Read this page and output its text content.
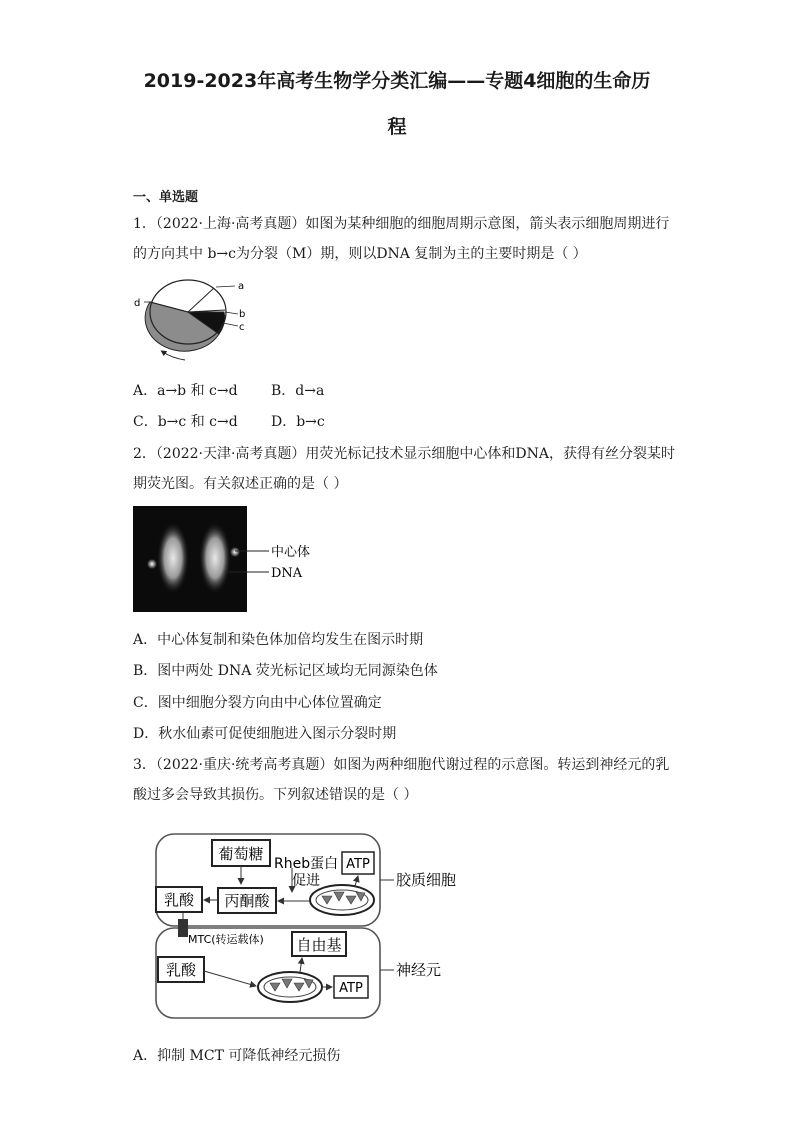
2019-2023年高考生物学分类汇编——专题4细胞的生命历
程
一、单选题
1．（2022·上海·高考真题）如图为某种细胞的细胞周期示意图，箭头表示细胞周期进行
的方向其中 b→c为分裂（M）期，则以DNA 复制为主的主要时期是（ ）
d
a
b
c
A．a→b 和 c→d B．d→a
C．b→c 和 c→d D．b→c
2．（2022·天津·高考真题）用荧光标记技术显示细胞中心体和DNA，获得有丝分裂某时
期荧光图。有关叙述正确的是（ ）
中心体
DNA
A．中心体复制和染色体加倍均发生在图示时期
B．图中两处 DNA 荧光标记区域均无同源染色体
C．图中细胞分裂方向由中心体位置确定
D．秋水仙素可促使细胞进入图示分裂时期
3．（2022·重庆·统考高考真题）如图为两种细胞代谢过程的示意图。转运到神经元的乳
酸过多会导致其损伤。下列叙述错误的是（ ）
葡萄糖
Rheb蛋白
促进
ATP
丙酮酸
乳酸
胶质细胞
MTC(转运载体) 自由基
乳酸
ATP
神经元
A．抑制 MCT 可降低神经元损伤
